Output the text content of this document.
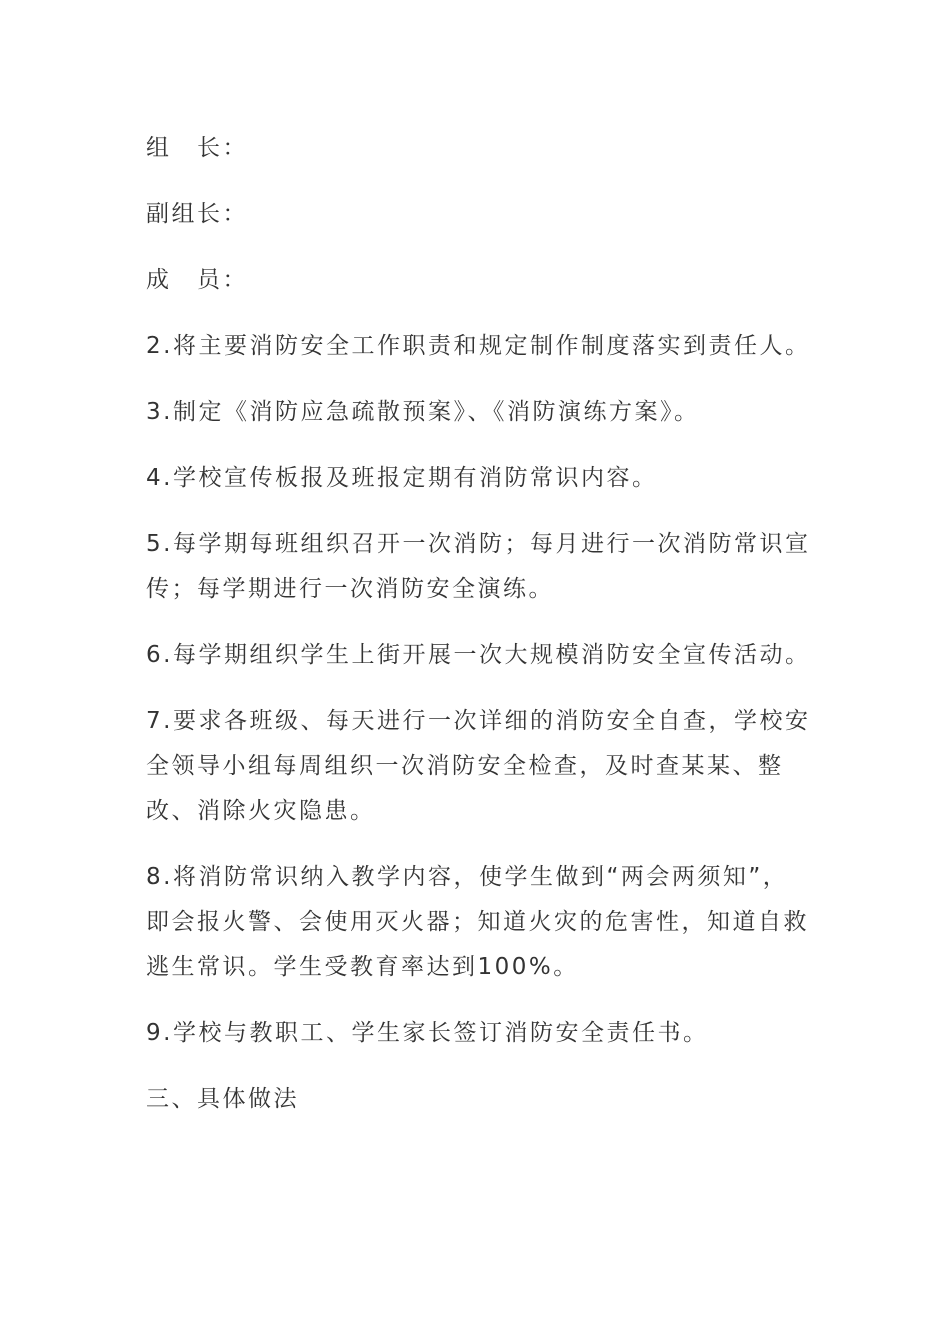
组　长：

副组长：

成　员：

2.将主要消防安全工作职责和规定制作制度落实到责任人。

3.制定《消防应急疏散预案》、《消防演练方案》。

4.学校宣传板报及班报定期有消防常识内容。

5.每学期每班组织召开一次消防；每月进行一次消防常识宣传；每学期进行一次消防安全演练。

6.每学期组织学生上街开展一次大规模消防安全宣传活动。

7.要求各班级、每天进行一次详细的消防安全自查，学校安全领导小组每周组织一次消防安全检查，及时查某某、整改、消除火灾隐患。

8.将消防常识纳入教学内容，使学生做到“两会两须知”，即会报火警、会使用灭火器；知道火灾的危害性，知道自救逃生常识。学生受教育率达到100%。

9.学校与教职工、学生家长签订消防安全责任书。

三、具体做法
